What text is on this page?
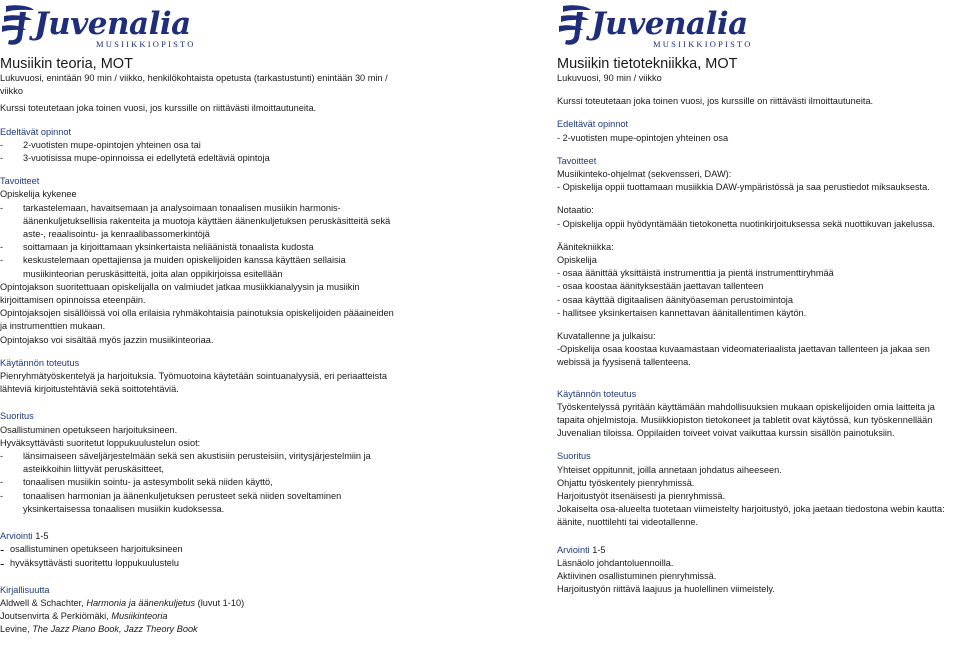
Juvenalia
MUSIIKKIOPISTO
Musiikin teoria, MOT

Lukuvuosi, enintään 90 min / viikko, henkilökohtaista opetusta (tarkastustunti) enintään 30 min / viikko

Kurssi toteutetaan joka toinen vuosi, jos kurssille on riittävästi ilmoittautuneita.

Edeltävät opinnot

- 2-vuotisten mupe-opintojen yhteinen osa tai
- 3-vuotisissa mupe-opinnoissa ei edellytetä edeltäviä opintoja

Tavoitteet

Opiskelija kykenee

- tarkastelemaan, havaitsemaan ja analysoimaan tonaalisen musiikin harmonis-äänenkuljetuksellisia rakenteita ja muotoja käyttäen äänenkuljetuksen peruskäsitteitä sekä aste-, reaalisointu- ja kenraalibassomerkintöjä
- soittamaan ja kirjoittamaan yksinkertaista neliäänistä tonaalista kudosta
- keskustelemaan opettajiensa ja muiden opiskelijoiden kanssa käyttäen sellaisia musiikinteorian peruskäsitteitä, joita alan oppikirjoissa esitellään

Opintojakson suoritettuaan opiskelijalla on valmiudet jatkaa musiikkianalyysin ja musiikin kirjoittamisen opinnoissa eteenpäin.

Opintojaksojen sisällöissä voi olla erilaisia ryhmäkohtaisia painotuksia opiskelijoiden pääaineiden ja instrumenttien mukaan.

Opintojakso voi sisältää myös jazzin musiikinteoriaa.

Käytännön toteutus

Pienryhmätyöskentelyä ja harjoituksia. Työmuotoina käytetään sointuanalyysiä, eri periaatteista lähteviä kirjoitustehtäviä sekä soittotehtäviä.

Suoritus

Osallistuminen opetukseen harjoituksineen.

Hyväksyttävästi suoritetut loppukuulustelun osiot:

- länsimaiseen säveljärjestelmään sekä sen akustisiin perusteisiin, viritysjärjestelmiin ja asteikkoihin liittyvät peruskäsitteet,
- tonaalisen musiikin sointu- ja astesymbolit sekä niiden käyttö,
- tonaalisen harmonian ja äänenkuljetuksen perusteet sekä niiden soveltaminen yksinkertaisessa tonaalisen musiikin kudoksessa.

Arviointi 1-5

- osallistuminen opetukseen harjoituksineen
- hyväksyttävästi suoritettu loppukuulustelu

Kirjallisuutta

Aldwell & Schachter, Harmonia ja äänenkuljetus (luvut 1-10)

Joutsenvirta & Perkiömäki, Musiikinteoria

Levine, The Jazz Piano Book, Jazz Theory Book

Juvenalia
MUSIIKKIOPISTO
Musiikin tietotekniikka, MOT

Lukuvuosi, 90 min / viikko

Kurssi toteutetaan joka toinen vuosi, jos kurssille on riittävästi ilmoittautuneita.

Edeltävät opinnot

- 2-vuotisten mupe-opintojen yhteinen osa

Tavoitteet

Musiikinteko-ohjelmat (sekvensseri, DAW):

- Opiskelija oppii tuottamaan musiikkia DAW-ympäristössä ja saa perustiedot miksauksesta.

Notaatio:

- Opiskelija oppii hyödyntämään tietokonetta nuotinkirjoituksessa sekä nuottikuvan jakelussa.

Äänitekniikka:

Opiskelija

- osaa äänittää yksittäistä instrumenttia ja pientä instrumenttiryhmää

- osaa koostaa äänityksestään jaettavan tallenteen

- osaa käyttää digitaalisen äänityöaseman perustoimintoja

- hallitsee yksinkertaisen kannettavan äänitallentimen käytön.

Kuvatallenne ja julkaisu:

-Opiskelija osaa koostaa kuvaamastaan videomateriaalista jaettavan tallenteen ja jakaa sen webissä ja fyysisenä tallenteena.

Käytännön toteutus

Työskentelyssä pyritään käyttämään mahdollisuuksien mukaan opiskelijoiden omia laitteita ja tapaita ohjelmistoja. Musiikkiopiston tietokoneet ja tabletit ovat käytössä, kun työskennellään Juvenalian tiloissa. Oppilaiden toiveet voivat vaikuttaa kurssin sisällön painotuksiin.

Suoritus

Yhteiset oppitunnit, joilla annetaan johdatus aiheeseen.

Ohjattu työskentely pienryhmissä.

Harjoitustyöt itsenäisesti ja pienryhmissä.

Jokaiselta osa-alueelta tuotetaan viimeistelty harjoitustyö, joka jaetaan tiedostona webin kautta: äänite, nuottilehti tai videotallenne.

Arviointi 1-5

Läsnäolo johdantoluennoilla.

Aktiivinen osallistuminen pienryhmissä.

Harjoitustyön riittävä laajuus ja huolellinen viimeistely.
